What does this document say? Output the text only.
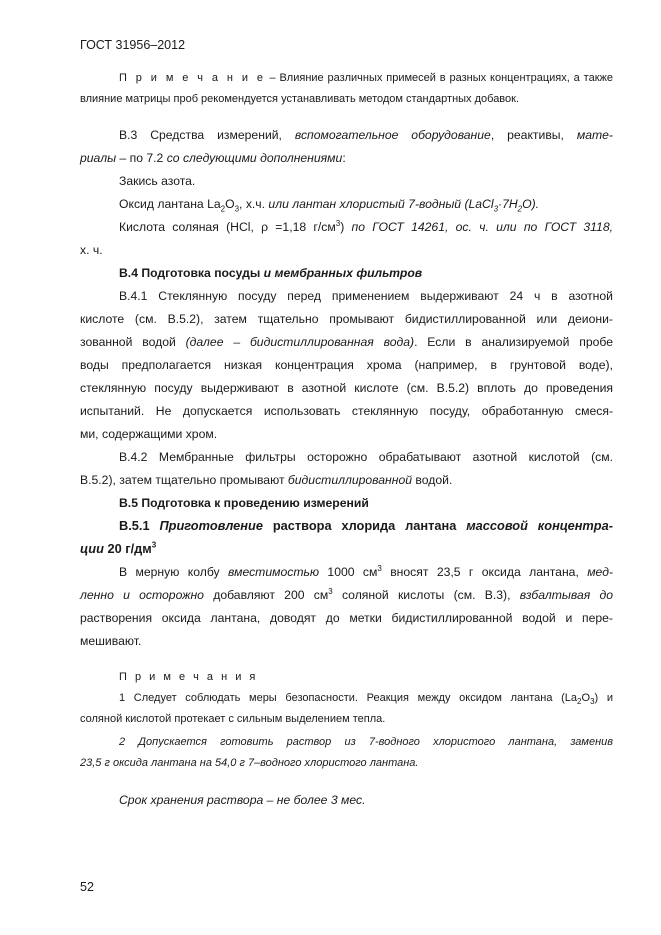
ГОСТ 31956–2012
П р и м е ч а н и е – Влияние различных примесей в разных концентрациях, а также
влияние матрицы проб рекомендуется устанавливать методом стандартных добавок.
В.3 Средства измерений, вспомогательное оборудование, реактивы, мате-
риалы – по 7.2 со следующими дополнениями:
Закись азота.
Оксид лантана $La_2O_3$, х.ч. или лантан хлористый 7-водный $(LaCl_3\cdot 7H_2O)$.
Кислота соляная (HCl, ρ =1,18 $г/см^3$) по ГОСТ 14261, ос. ч. или по ГОСТ 3118,
х. ч.
В.4 Подготовка посуды и мембранных фильтров
В.4.1 Стеклянную посуду перед применением выдерживают 24 ч в азотной
кислоте (см. В.5.2), затем тщательно промывают бидистиллированной или деиони-
зованной водой (далее – бидистиллированная вода). Если в анализируемой пробе
воды предполагается низкая концентрация хрома (например, в грунтовой воде),
стеклянную посуду выдерживают в азотной кислоте (см. В.5.2) вплоть до проведения
испытаний. Не допускается использовать стеклянную посуду, обработанную смеся-
ми, содержащими хром.
В.4.2 Мембранные фильтры осторожно обрабатывают азотной кислотой (см.
В.5.2), затем тщательно промывают бидистиллированной водой.
В.5 Подготовка к проведению измерений
В.5.1 Приготовление раствора хлорида лантана массовой концентра-
ции 20 $г/дм^3$
В мерную колбу вместимостью 1000 $см^3$ вносят 23,5 г оксида лантана, мед-
ленно и осторожно добавляют 200 $см^3$ соляной кислоты (см. В.3), взбалтывая до
растворения оксида лантана, доводят до метки бидистиллированной водой и пере-
мешивают.
П р и м е ч а н и я
1 Следует соблюдать меры безопасности. Реакция между оксидом лантана $(La_2O_3)$ и
соляной кислотой протекает с сильным выделением тепла.
2 Допускается готовить раствор из 7-водного хлористого лантана, заменив
23,5 г оксида лантана на 54,0 г 7–водного хлористого лантана.
Срок хранения раствора – не более 3 мес.
52
